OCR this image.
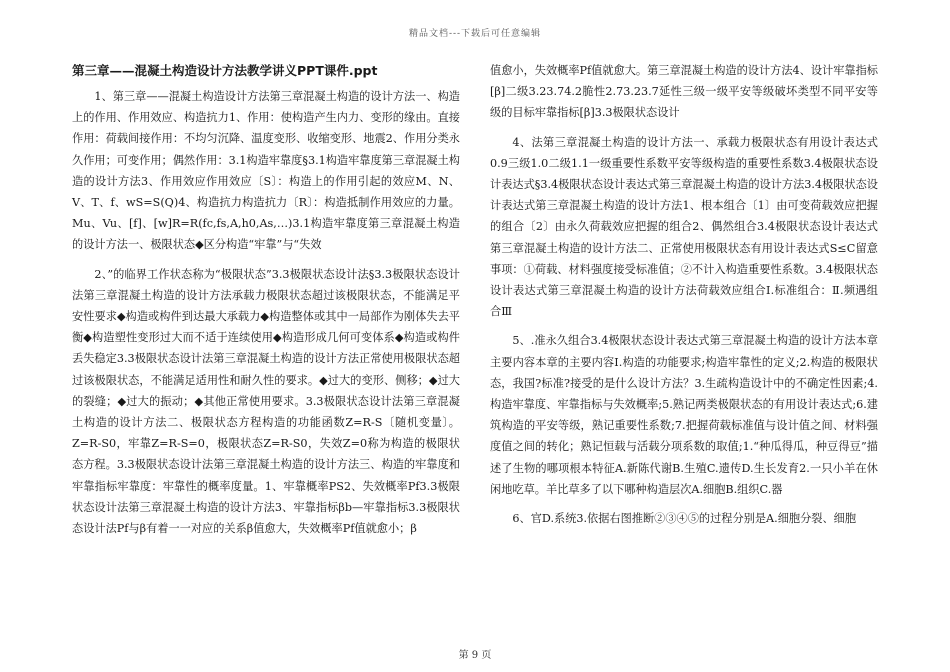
精品文档---下载后可任意编辑
第三章——混凝土构造设计方法教学讲义PPT课件.ppt

1、第三章——混凝土构造设计方法第三章混凝土构造的设计方法一、构造上的作用、作用效应、构造抗力1、作用：使构造产生内力、变形的缘由。直接作用：荷载间接作用：不均匀沉降、温度变形、收缩变形、地震2、作用分类永久作用；可变作用；偶然作用：3.1构造牢靠度§3.1构造牢靠度第三章混凝土构造的设计方法3、作用效应作用效应〔S〕：构造上的作用引起的效应M、N、V、T、f、wS=S(Q)4、构造抗力构造抗力〔R〕：构造抵制作用效应的力量。Mu、Vu、[f]、[w]R=R(fc,fs,A,h0,As,…)3.1构造牢靠度第三章混凝土构造的设计方法一、极限状态◆区分构造“牢靠”与“失效

2、”的临界工作状态称为“极限状态”3.3极限状态设计法§3.3极限状态设计法第三章混凝土构造的设计方法承载力极限状态超过该极限状态，不能满足平安性要求◆构造或构件到达最大承载力◆构造整体或其中一局部作为刚体失去平衡◆构造塑性变形过大而不适于连续使用◆构造形成几何可变体系◆构造或构件丢失稳定3.3极限状态设计法第三章混凝土构造的设计方法正常使用极限状态超过该极限状态，不能满足适用性和耐久性的要求。◆过大的变形、侧移；◆过大的裂缝；◆过大的振动；◆其他正常使用要求。3.3极限状态设计法第三章混凝土构造的设计方法二、极限状态方程构造的功能函数Z=R-S〔随机变量〕。Z=R-S0，牢靠Z=R-S=0，极限状态Z=R-S0，失效Z=0称为构造的极限状态方程。3.3极限状态设计法第三章混凝土构造的设计方法三、构造的牢靠度和牢靠指标牢靠度：牢靠性的概率度量。1、牢靠概率PS2、失效概率Pf3.3极限状态设计法第三章混凝土构造的设计方法3、牢靠指标βb—牢靠指标3.3极限状态设计法Pf与β有着一一对应的关系β值愈大，失效概率Pf值就愈小；β

值愈小，失效概率Pf值就愈大。第三章混凝土构造的设计方法4、设计牢靠指标[β]二级3.23.74.2脆性2.73.23.7延性三级一级平安等级破坏类型不同平安等级的目标牢靠指标[β]3.3极限状态设计

4、法第三章混凝土构造的设计方法一、承载力极限状态有用设计表达式0.9三级1.0二级1.1一级重要性系数平安等级构造的重要性系数3.4极限状态设计表达式§3.4极限状态设计表达式第三章混凝土构造的设计方法3.4极限状态设计表达式第三章混凝土构造的设计方法1、根本组合〔1〕由可变荷载效应把握的组合〔2〕由永久荷载效应把握的组合2、偶然组合3.4极限状态设计表达式第三章混凝土构造的设计方法二、正常使用极限状态有用设计表达式S≤C留意事项：①荷载、材料强度接受标准值；②不计入构造重要性系数。3.4极限状态设计表达式第三章混凝土构造的设计方法荷载效应组合Ⅰ.标准组合：Ⅱ.频遇组合Ⅲ

5、.准永久组合3.4极限状态设计表达式第三章混凝土构造的设计方法本章主要内容本章的主要内容Ⅰ.构造的功能要求;构造牢靠性的定义;2.构造的极限状态，我国?标准?接受的是什么设计方法？3.生疏构造设计中的不确定性因素;4.构造牢靠度、牢靠指标与失效概率;5.熟记两类极限状态的有用设计表达式;6.建筑构造的平安等级，熟记重要性系数;7.把握荷载标准值与设计值之间、材料强度值之间的转化；熟记恒载与活载分项系数的取值;1.“种瓜得瓜，种豆得豆”描述了生物的哪项根本特征A.新陈代谢B.生殖C.遗传D.生长发育2.一只小羊在休闲地吃草。羊比草多了以下哪种构造层次A.细胞B.组织C.器

6、官D.系统3.依据右图推断②③④⑤的过程分别是A.细胞分裂、细胞

第 9 页
